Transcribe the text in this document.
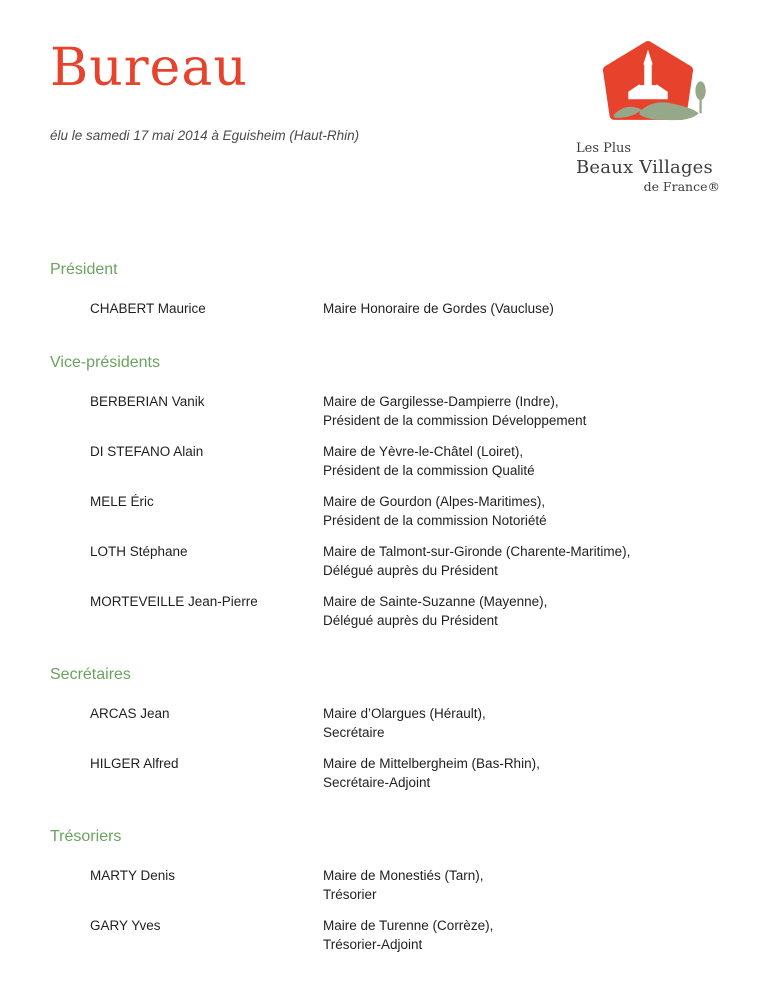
Bureau
élu le samedi 17 mai 2014 à Eguisheim (Haut-Rhin)
Les Plus
Beaux Villages
de France®
Président
CHABERT Maurice	Maire Honoraire de Gordes (Vaucluse)
Vice-présidents
BERBERIAN Vanik	Maire de Gargilesse-Dampierre (Indre),
Président de la commission Développement
DI STEFANO Alain	Maire de Yèvre-le-Châtel (Loiret),
Président de la commission Qualité
MELE Éric	Maire de Gourdon (Alpes-Maritimes),
Président de la commission Notoriété
LOTH Stéphane	Maire de Talmont-sur-Gironde (Charente-Maritime),
Délégué auprès du Président
MORTEVEILLE Jean-Pierre	Maire de Sainte-Suzanne (Mayenne),
Délégué auprès du Président
Secrétaires
ARCAS Jean	Maire d’Olargues (Hérault),
Secrétaire
HILGER Alfred	Maire de Mittelbergheim (Bas-Rhin),
Secrétaire-Adjoint
Trésoriers
MARTY Denis	Maire de Monestiés (Tarn),
Trésorier
GARY Yves	Maire de Turenne (Corrèze),
Trésorier-Adjoint
